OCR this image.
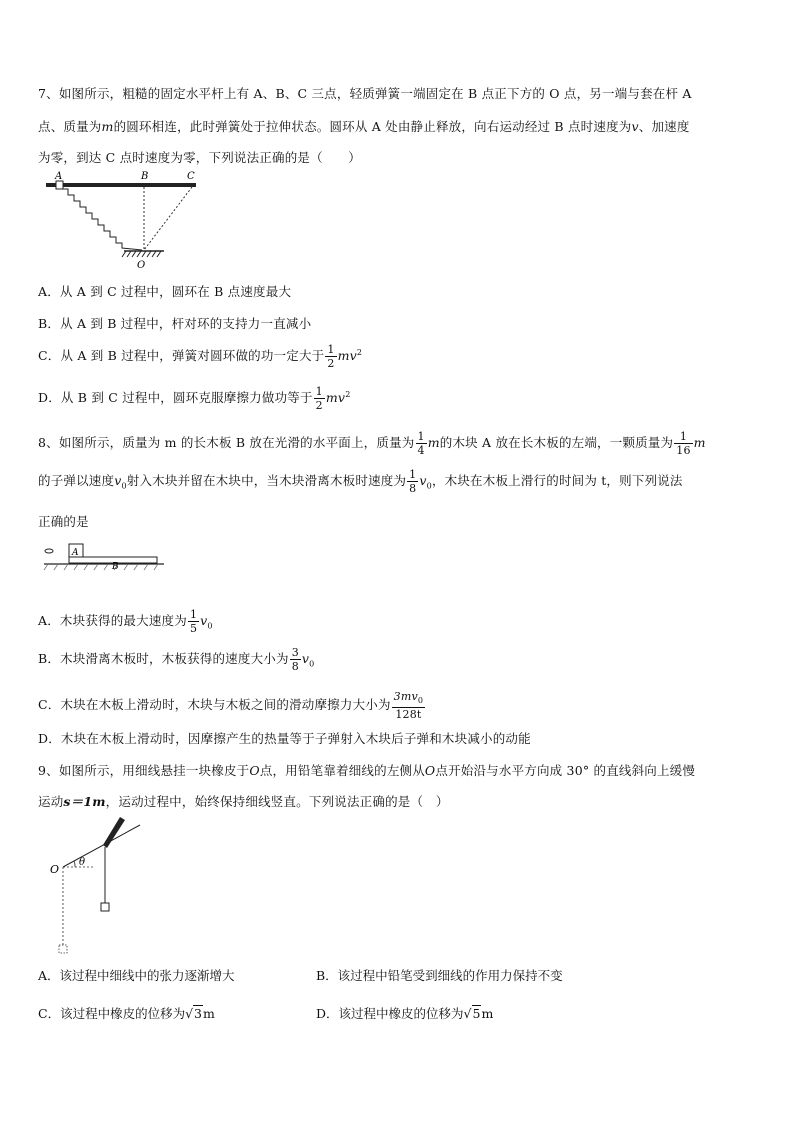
7、如图所示，粗糙的固定水平杆上有 A、B、C 三点，轻质弹簧一端固定在 B 点正下方的 O 点，另一端与套在杆 A
点、质量为m的圆环相连，此时弹簧处于拉伸状态。圆环从 A 处由静止释放，向右运动经过 B 点时速度为v、加速度
为零，到达 C 点时速度为零，下列说法正确的是（　　）
A	B	C
O
A．从 A 到 C 过程中，圆环在 B 点速度最大
B．从 A 到 B 过程中，杆对环的支持力一直减小
C．从 A 到 B 过程中，弹簧对圆环做的功一定大于 $\frac{1}{2} mv^2$
D．从 B 到 C 过程中，圆环克服摩擦力做功等于 $\frac{1}{2} mv^2$
8、如图所示，质量为 m 的长木板 B 放在光滑的水平面上，质量为 $\frac{1}{4}$ m的木块 A 放在长木板的左端，一颗质量为 $\frac{1}{16}$ m
的子弹以速度$v_0$射入木块并留在木块中，当木块滑离木板时速度为 $\frac{1}{8} v_0$，木块在木板上滑行的时间为 t，则下列说法
正确的是
A
B
A．木块获得的最大速度为 $\frac{1}{5} v_0$
B．木块滑离木板时，木板获得的速度大小为 $\frac{3}{8} v_0$
C．木块在木板上滑动时，木块与木板之间的滑动摩擦力大小为 $\frac{3mv_0}{128t}$
D．木块在木板上滑动时，因摩擦产生的热量等于子弹射入木块后子弹和木块减小的动能
9、如图所示，用细线悬挂一块橡皮于O点，用铅笔靠着细线的左侧从O点开始沿与水平方向成 30° 的直线斜向上缓慢
运动s＝1m，运动过程中，始终保持细线竖直。下列说法正确的是（　）
O
θ
A．该过程中细线中的张力逐渐增大	B．该过程中铅笔受到细线的作用力保持不变
C．该过程中橡皮的位移为√3m	D．该过程中橡皮的位移为√5m
